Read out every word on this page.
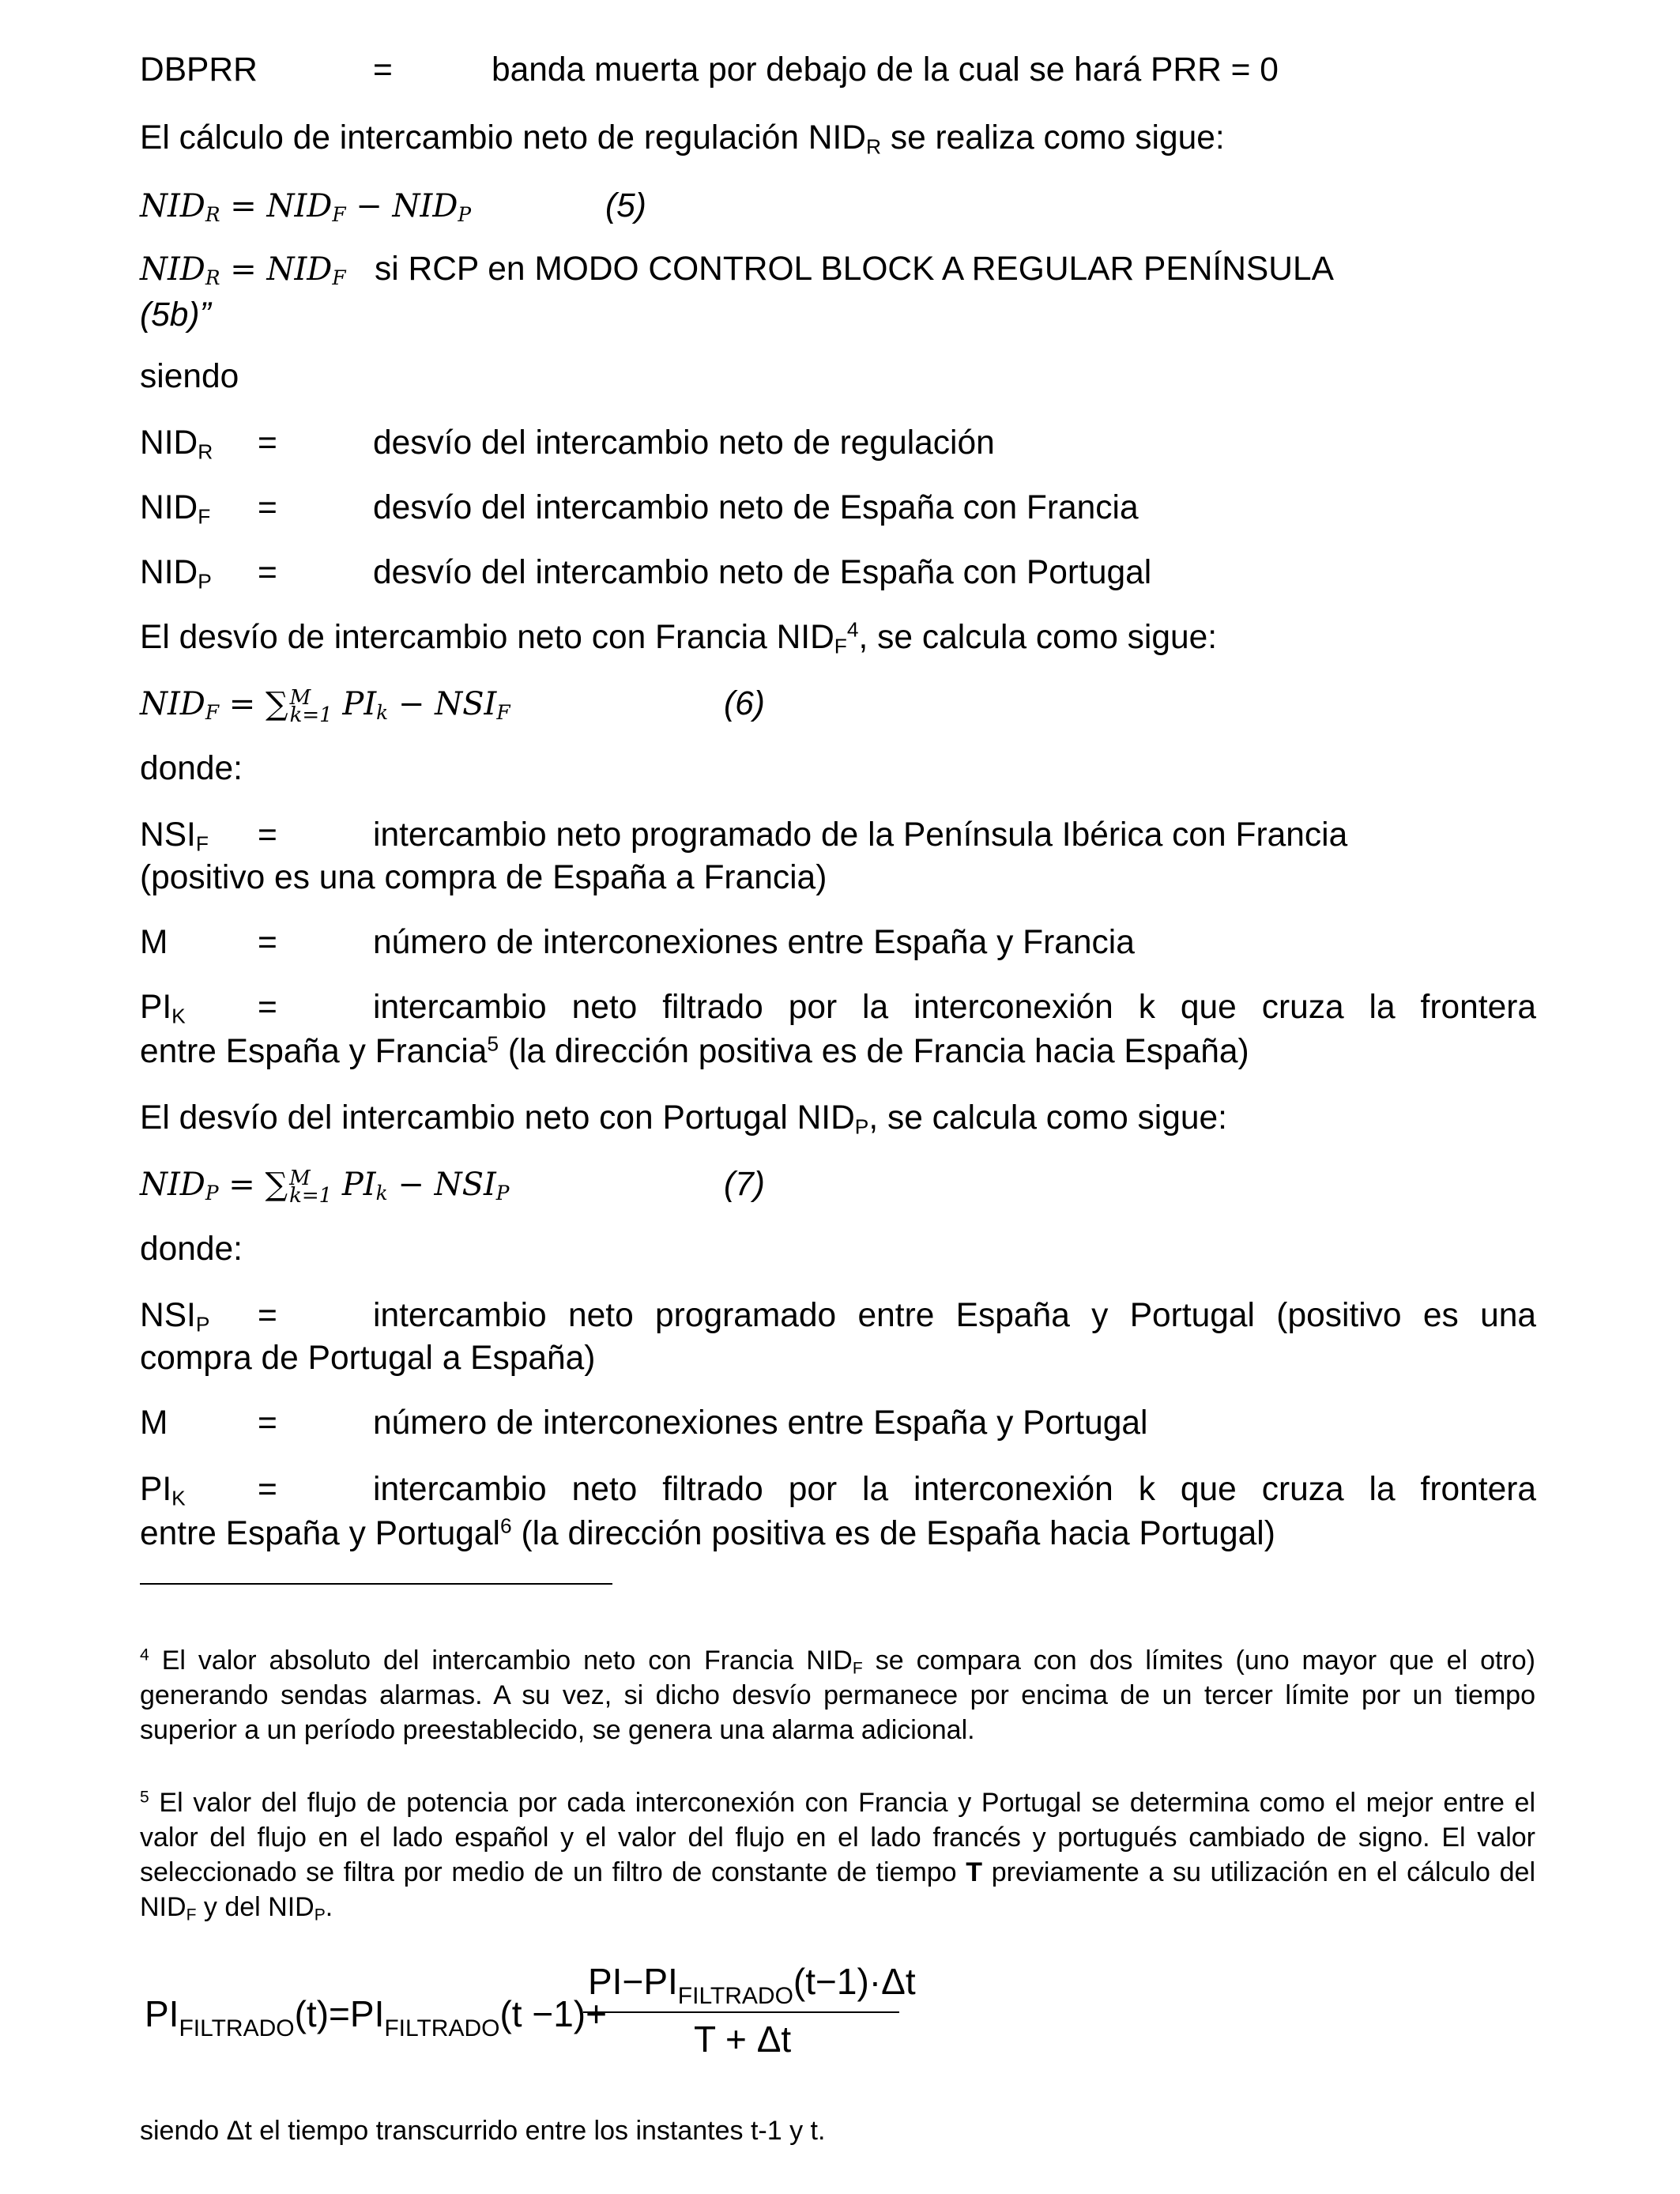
DBPRR	=	banda muerta por debajo de la cual se hará PRR = 0
El cálculo de intercambio neto de regulación $NID_R$ se realiza como sigue:
$NID_R = NID_F - NID_P$	(5)
$NID_R = NID_F$ si RCP en MODO CONTROL BLOCK A REGULAR PENÍNSULA
(5b)”
siendo
$NID_R$ =	desvío del intercambio neto de regulación
$NID_F$ =	desvío del intercambio neto de España con Francia
$NID_P$ =	desvío del intercambio neto de España con Portugal
El desvío de intercambio neto con Francia $NID_F^4$, se calcula como sigue:
$NID_F$ = ∑ M
k=1 $PI_k - NSI_F$	(6)
donde:
$NSI_F$ =	intercambio neto programado de la Península Ibérica con Francia
(positivo es una compra de España a Francia)
M	=	número de interconexiones entre España y Francia
$PI_K$ =	intercambio neto filtrado por la interconexión k que cruza la frontera
entre España y Francia$^5$ (la dirección positiva es de Francia hacia España)
El desvío del intercambio neto con Portugal $NID_P$, se calcula como sigue:
$NID_P$ = ∑ M
k=1 $PI_k - NSI_P$	(7)
donde:
$NSI_P$ =	intercambio neto programado entre España y Portugal (positivo es una
compra de Portugal a España)
M	=	número de interconexiones entre España y Portugal
$PI_K$ =	intercambio neto filtrado por la interconexión k que cruza la frontera
entre España y Portugal$^6$ (la dirección positiva es de España hacia Portugal)
$^4$ El valor absoluto del intercambio neto con Francia $NID_F$ se compara con dos límites (uno mayor que el otro) generando sendas alarmas. A su vez, si dicho desvío permanece por encima de un tercer límite por un tiempo superior a un período preestablecido, se genera una alarma adicional.
$^5$ El valor del flujo de potencia por cada interconexión con Francia y Portugal se determina como el mejor entre el valor del flujo en el lado español y el valor del flujo en el lado francés y portugués cambiado de signo. El valor seleccionado se filtra por medio de un filtro de constante de tiempo T previamente a su utilización en el cálculo del $NID_F$ y del $NID_P$.
$PI_{FILTRADO}(t)=PI_{FILTRADO}(t -1)+$
$PI-PI_{FILTRADO}(t-1)\cdot\Delta t$
T + Δt
siendo Δt el tiempo transcurrido entre los instantes t-1 y t.
